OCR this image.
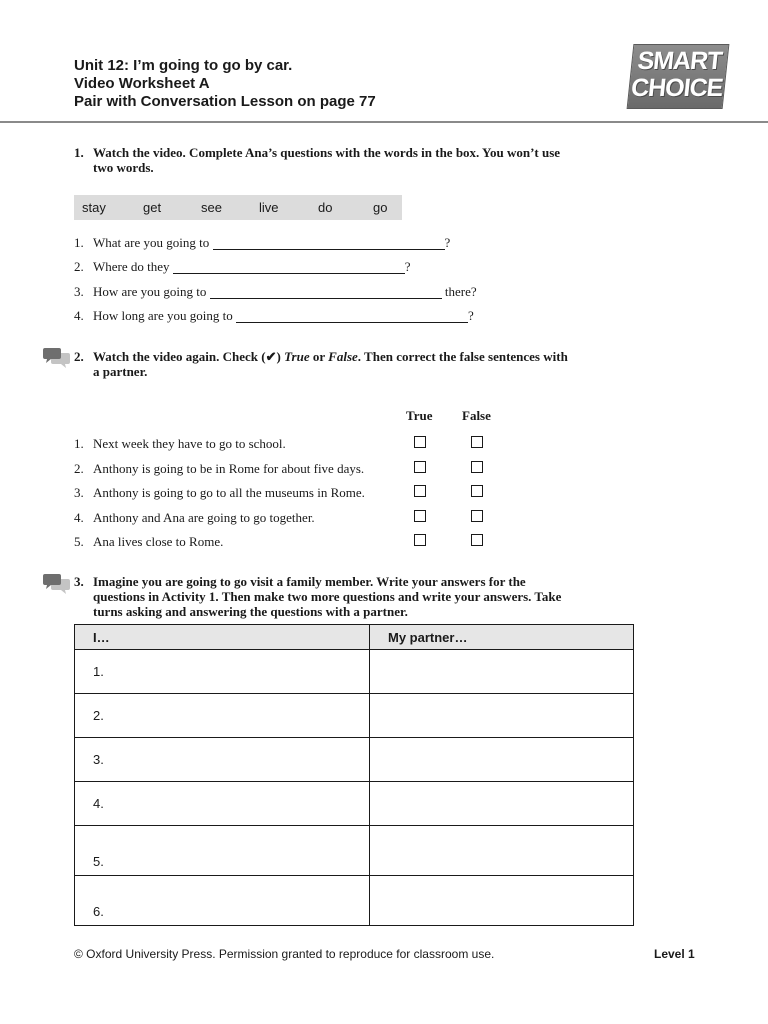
Unit 12: I’m going to go by car.
Video Worksheet A
Pair with Conversation Lesson on page 77
SMART
CHOICE
1. Watch the video. Complete Ana’s questions with the words in the box. You won’t use two words.
stay	get	see	live	do	go
1. What are you going to	?
2. Where do they	?
3. How are you going to	there?
4. How long are you going to	?
2. Watch the video again. Check (✔) True or False. Then correct the false sentences with a partner.
True False
1. Next week they have to go to school.
2. Anthony is going to be in Rome for about five days.
3. Anthony is going to go to all the museums in Rome.
4. Anthony and Ana are going to go together.
5. Ana lives close to Rome.
3. Imagine you are going to go visit a family member. Write your answers for the questions in Activity 1. Then make two more questions and write your answers. Take turns asking and answering the questions with a partner.
I…	My partner…
1.	
2.	
3.	
4.	
5.	
6.	
© Oxford University Press. Permission granted to reproduce for classroom use.	Level 1
